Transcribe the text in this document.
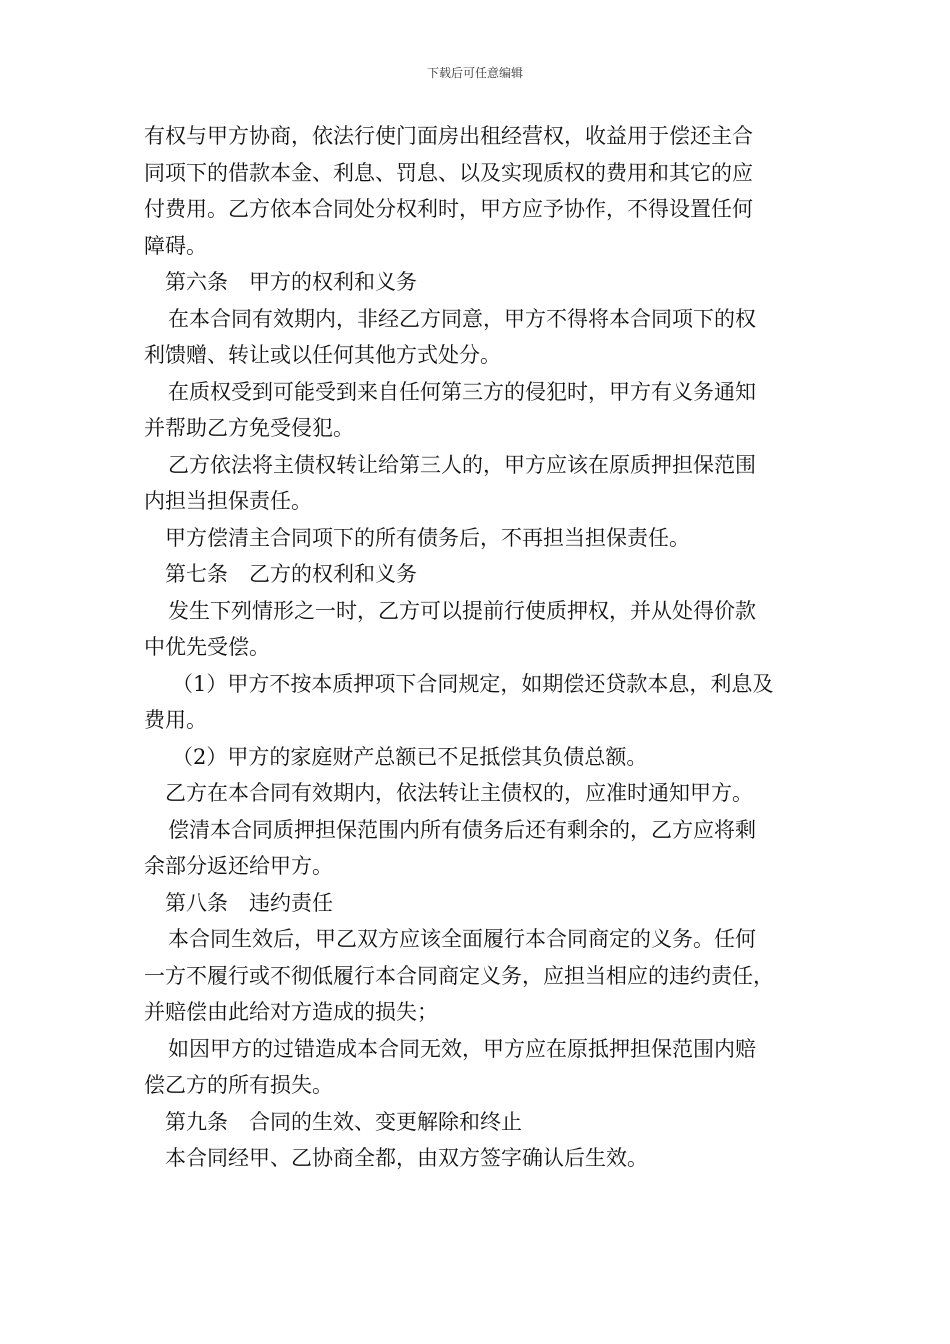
下载后可任意编辑
有权与甲方协商，依法行使门面房出租经营权，收益用于偿还主合
同项下的借款本金、利息、罚息、以及实现质权的费用和其它的应
付费用。乙方依本合同处分权利时，甲方应予协作，不得设置任何
障碍。
第六条　甲方的权利和义务
在本合同有效期内，非经乙方同意，甲方不得将本合同项下的权
利馈赠、转让或以任何其他方式处分。
在质权受到可能受到来自任何第三方的侵犯时，甲方有义务通知
并帮助乙方免受侵犯。
乙方依法将主债权转让给第三人的，甲方应该在原质押担保范围
内担当担保责任。
甲方偿清主合同项下的所有债务后，不再担当担保责任。
第七条　乙方的权利和义务
发生下列情形之一时，乙方可以提前行使质押权，并从处得价款
中优先受偿。
（1）甲方不按本质押项下合同规定，如期偿还贷款本息，利息及
费用。
（2）甲方的家庭财产总额已不足抵偿其负债总额。
乙方在本合同有效期内，依法转让主债权的，应准时通知甲方。
偿清本合同质押担保范围内所有债务后还有剩余的，乙方应将剩
余部分返还给甲方。
第八条　违约责任
本合同生效后，甲乙双方应该全面履行本合同商定的义务。任何
一方不履行或不彻低履行本合同商定义务，应担当相应的违约责任，
并赔偿由此给对方造成的损失；
如因甲方的过错造成本合同无效，甲方应在原抵押担保范围内赔
偿乙方的所有损失。
第九条　合同的生效、变更解除和终止
本合同经甲、乙协商全都，由双方签字确认后生效。
